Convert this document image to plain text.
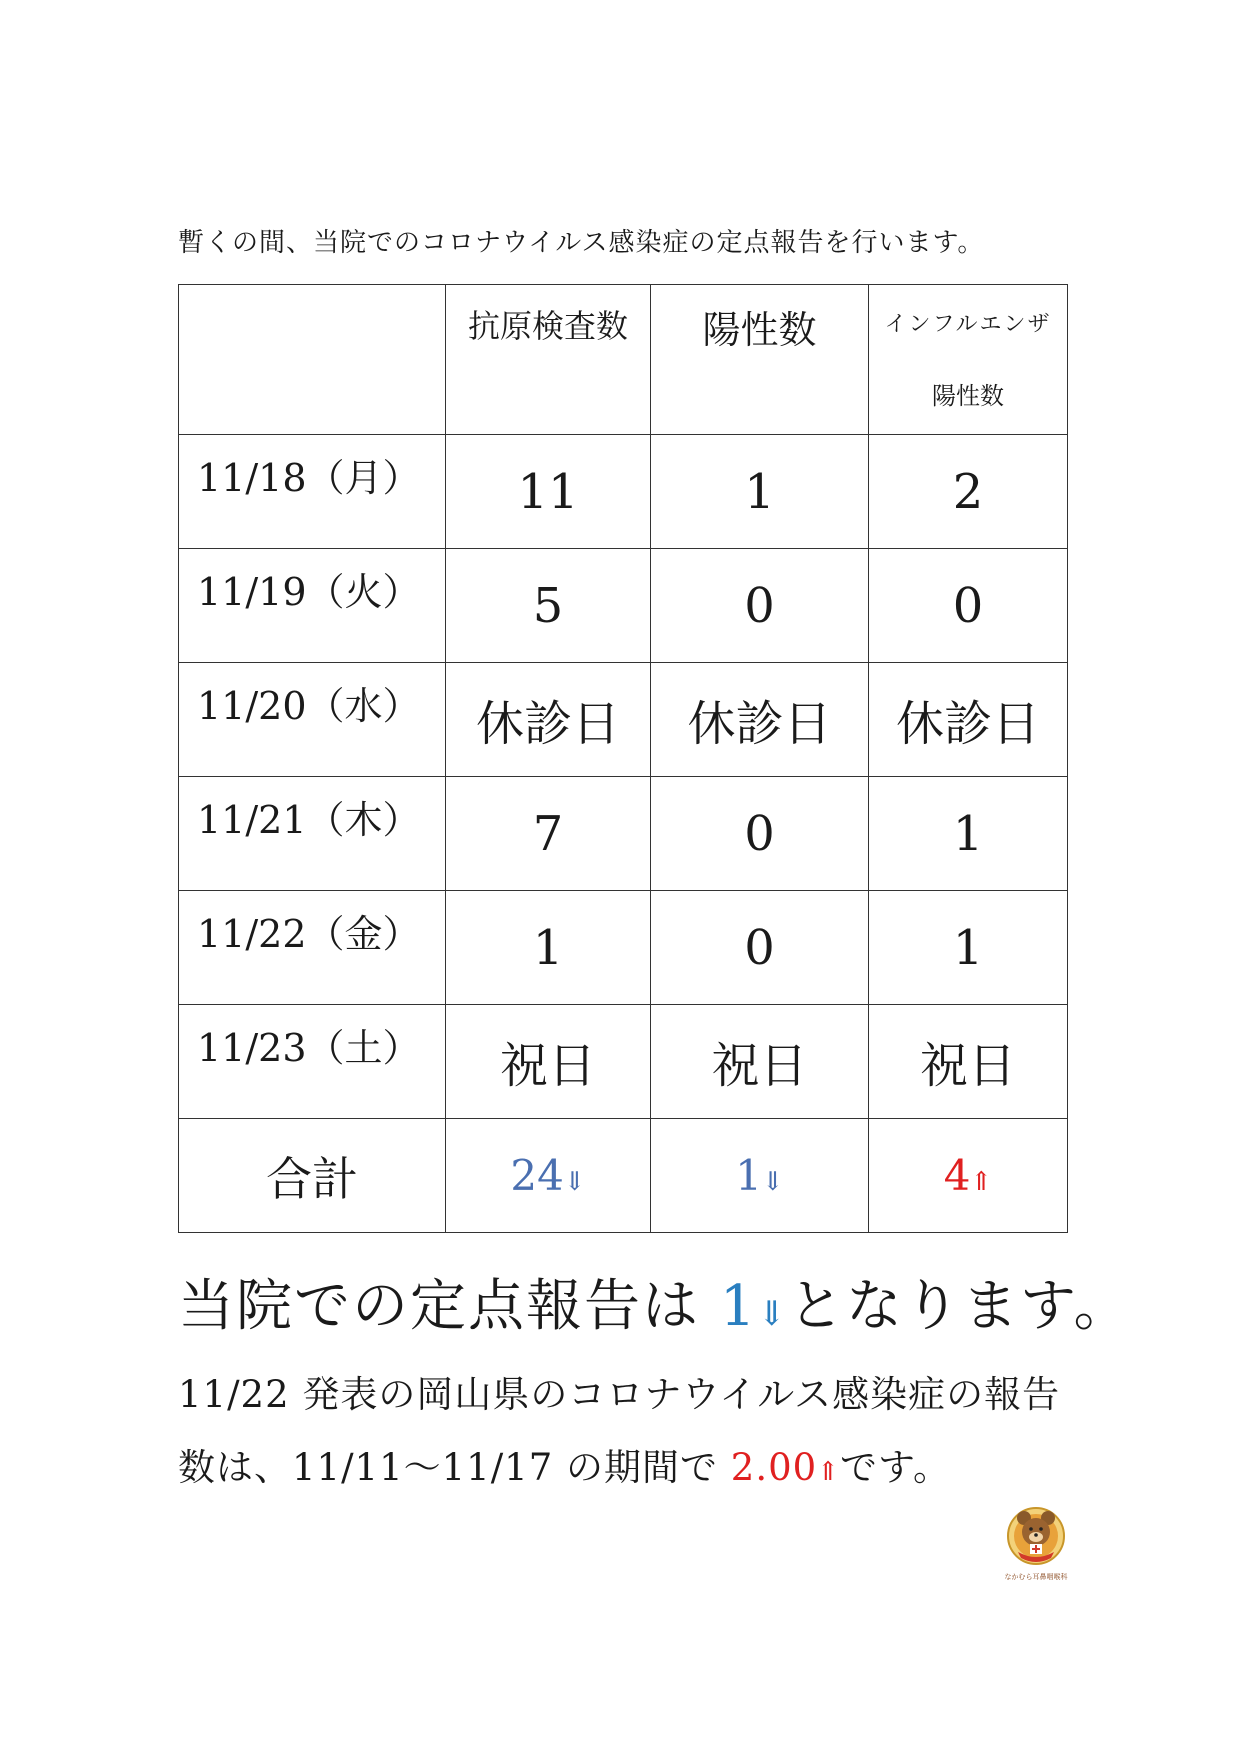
暫くの間、当院でのコロナウイルス感染症の定点報告を行います。

	抗原検査数	陽性数	インフルエンザ
陽性数

11/18（月）	11	1	2
11/19（火）	5	0	0
11/20（水）	休診日	休診日	休診日
11/21（木）	7	0	1
11/22（金）	1	0	1
11/23（土）	祝日	祝日	祝日
合計	24⇓	1⇓	4⇑
当院での定点報告は 1⇓となります。
11/22 発表の岡山県のコロナウイルス感染症の報告
数は、11/11～11/17 の期間で 2.00⇑です。
なかむら耳鼻咽喉科
